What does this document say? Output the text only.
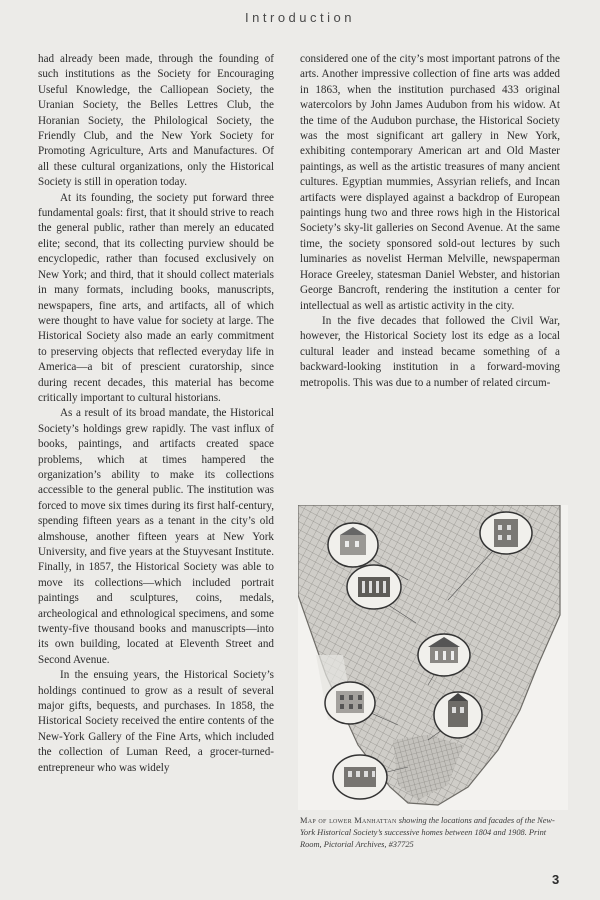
Introduction

had already been made, through the founding of such institutions as the Society for Encouraging Useful Knowledge, the Calliopean Society, the Uranian Society, the Belles Lettres Club, the Horanian Society, the Philological Society, the Friendly Club, and the New York Society for Promoting Agriculture, Arts and Manufactures. Of all these cultural organizations, only the Historical Society is still in operation today.

At its founding, the society put forward three fundamental goals: first, that it should strive to reach the general public, rather than merely an educated elite; second, that its collecting purview should be encyclopedic, rather than focused exclusively on New York; and third, that it should collect materials in many formats, including books, manuscripts, newspapers, fine arts, and artifacts, all of which were thought to have value for society at large. The Historical Society also made an early commitment to preserving objects that reflected everyday life in America—a bit of prescient curatorship, since during recent decades, this material has become critically important to cultural historians.

As a result of its broad mandate, the Historical Society’s holdings grew rapidly. The vast influx of books, paintings, and artifacts created space problems, which at times hampered the organization’s ability to make its collections accessible to the general public. The institution was forced to move six times during its first half-century, spending fifteen years as a tenant in the city’s old almshouse, another fifteen years at New York University, and five years at the Stuyvesant Institute. Finally, in 1857, the Historical Society was able to move its collections—which included portrait paintings and sculptures, coins, medals, archeological and ethnological specimens, and some twenty-five thousand books and manuscripts—into its own building, located at Eleventh Street and Second Avenue.

In the ensuing years, the Historical Society’s holdings continued to grow as a result of several major gifts, bequests, and purchases. In 1858, the Historical Society received the entire contents of the New-York Gallery of the Fine Arts, which included the collection of Luman Reed, a grocer-turned-entrepreneur who was widely

considered one of the city’s most important patrons of the arts. Another impressive collection of fine arts was added in 1863, when the institution purchased 433 original watercolors by John James Audubon from his widow. At the time of the Audubon purchase, the Historical Society was the most significant art gallery in New York, exhibiting contemporary American art and Old Master paintings, as well as the artistic treasures of many ancient cultures. Egyptian mummies, Assyrian reliefs, and Incan artifacts were displayed against a backdrop of European paintings hung two and three rows high in the Historical Society’s sky-lit galleries on Second Avenue. At the same time, the society sponsored sold-out lectures by such luminaries as novelist Herman Melville, newspaperman Horace Greeley, statesman Daniel Webster, and historian George Bancroft, rendering the institution a center for intellectual as well as artistic activity in the city.

In the five decades that followed the Civil War, however, the Historical Society lost its edge as a local cultural leader and instead became something of a backward-looking institution in a forward-moving metropolis. This was due to a number of related circum-

Map of lower Manhattan showing the locations and facades of the New-York Historical Society’s successive homes between 1804 and 1908. Print Room, Pictorial Archives, #37725
3
